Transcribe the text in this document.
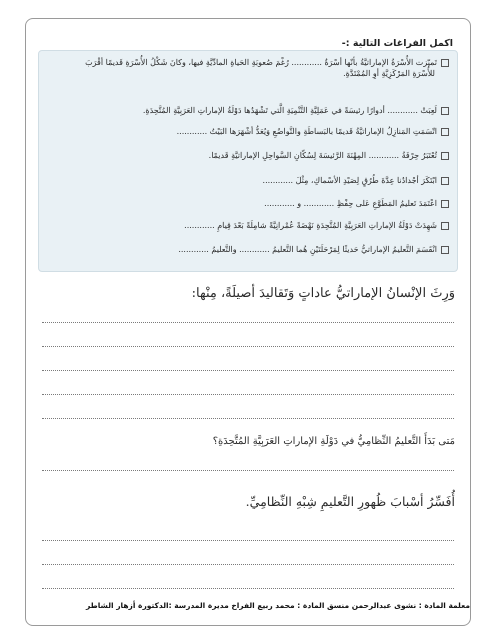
اكمل الفراغات التالية :-
تَميّزت الأُسْرَةُ الإماراتيَّةُ بأنّها أسْرَةٌ ............ رُغْمَ صُعوبَةِ الحَياةِ المادِّيَّةِ فيها، وكانَ شَكْلُ الأُسْرَةِ قَديمًا أقْرَبَ
للأُسْرَةِ المَرْكَزِيَّةِ أوِ المُمْتَدَّةِ.
لَعِبَتْ ............ أدوارًا رئيسَةً في عَمَلِيَّةِ التَّنْمِيَةِ الَّتي تَشْهَدُها دَوْلَةُ الإماراتِ العَرَبِيَّةِ المُتَّحِدَةِ.
اتّسَمَتِ المَنازِلُ الإماراتيَّةُ قَديمًا بالبَساطَةِ والتَّواضُعِ وَيُعَدُّ أشْهَرَها البَيْتُ ............
تُعْتَبَرُ حِرْفَةُ ............ المِهْنَةَ الرَّئيسَةَ لِسُكّانِ السَّواحِلِ الإماراتيَّةِ قَديمًا.
ابْتَكَرَ أجْدادُنا عِدَّةَ طُرُقٍ لِصَيْدِ الأسْماكِ، مِثْلَ ............
اعْتَمَدَ تَعليمُ المَطَوَّعِ عَلى حِفْظِ ............ و ............
شَهِدَتْ دَوْلَةُ الإماراتِ العَرَبِيَّةِ المُتَّحِدَةِ نَهْضَةً عُمْرانِيَّةً شامِلَةً بَعْدَ قِيامِ ............
انْقَسَمَ التَّعليمُ الإماراتيُّ حَديثًا لِمَرْحَلَتَيْنِ هُما التَّعليمُ ............ والتَّعليمُ ............
وَرِثَ الإنْسانُ الإماراتيُّ عاداتٍ وَتَقاليدَ أصيلَةً، مِنْها:
مَتى بَدَأَ التَّعليمُ النِّظامِيُّ في دَوْلَةِ الإماراتِ العَرَبِيَّةِ المُتَّحِدَةِ؟
أُفَسِّرُ أسْبابَ ظُهورِ التَّعليمِ شِبْهِ النِّظامِيِّ.
معلمة المادة : نشوى عبدالرحمن منسق المادة : محمد ربيع الفراخ مديرة المدرسة :الدكتورة أزهار الشاطر
